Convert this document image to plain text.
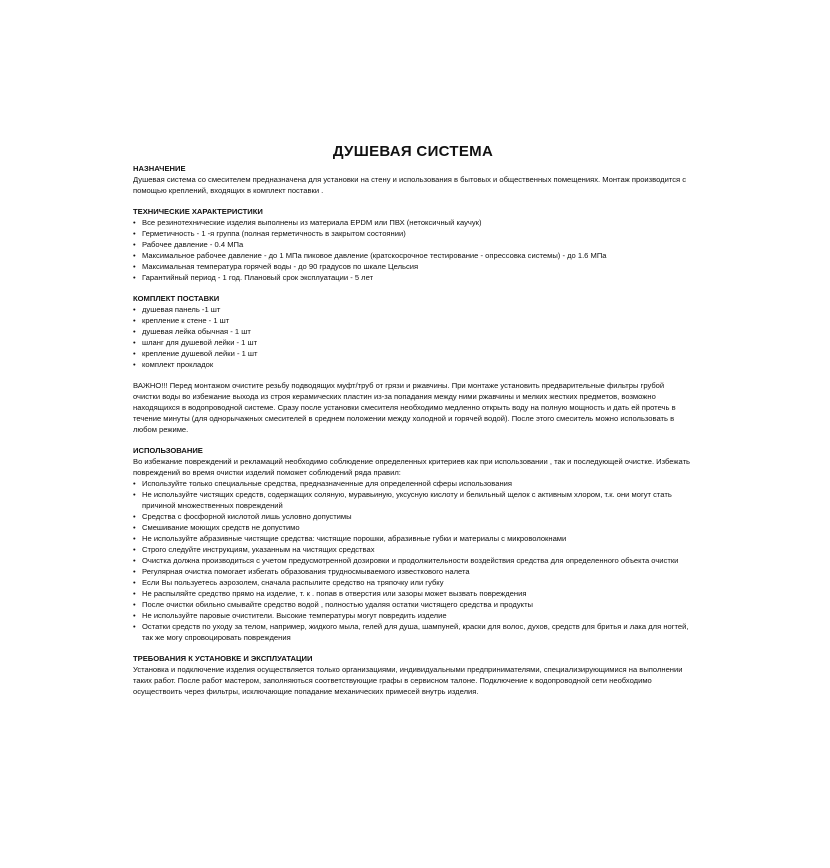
ДУШЕВАЯ СИСТЕМА

НАЗНАЧЕНИЕ

Душевая система со смесителем предназначена для установки на стену и использования в бытовых и общественных помещениях. Монтаж производится с помощью креплений, входящих в комплект поставки .

ТЕХНИЧЕСКИЕ ХАРАКТЕРИСТИКИ

• Все резинотехнические изделия выполнены из материала EPDM или ПВХ (нетоксичный каучук)
• Герметичность - 1 -я группа (полная герметичность в закрытом состоянии)
• Рабочее давление - 0.4 МПа
• Максимальное рабочее давление - до 1 МПа пиковое давление (кратскосрочное тестирование - опрессовка системы) - до 1.6 МПа
• Максимальная температура горячей воды - до 90 градусов по шкале Цельсия
• Гарантийный период - 1 год. Плановый срок эксплуатации - 5 лет

КОМПЛЕКТ ПОСТАВКИ

• душевая панель -1 шт
• крепление к стене - 1 шт
• душевая лейка обычная - 1 шт
• шланг для душевой лейки - 1 шт
• крепление душевой лейки - 1 шт
• комплект прокладок

ВАЖНО!!! Перед монтажом очистите резьбу подводящих муфт/труб от грязи и ржавчины. При монтаже установить предварительные фильтры грубой очистки воды во избежание выхода из строя керамических пластин из-за попадания между ними ржавчины и мелких жестких предметов, возможно находящихся в водопроводной системе. Сразу после установки смесителя необходимо медленно открыть воду на полную мощность и дать ей протечь в течение минуты (для однорычажных смесителей в среднем положении между холодной и горячей водой). После этого смеситель можно использовать в любом режиме.

ИСПОЛЬЗОВАНИЕ

Во избежание повреждений и рекламаций необходимо соблюдение определенных критериев как при использовании , так и последующей очистке. Избежать повреждений во время очистки изделий поможет соблюдений ряда правил:

• Используйте только специальные средства, предназначенные для определенной сферы использования
• Не используйте чистящих средств, содержащих соляную, муравьиную, уксусную кислоту и белильный щелок с активным хлором, т.к. они могут стать причиной множественных повреждений
• Средства с фосфорной кислотой лишь условно допустимы
• Смешивание моющих средств не допустимо
• Не используйте абразивные чистящие средства: чистящие порошки, абразивные губки и материалы с микроволокнами
• Строго следуйте инструкциям, указанным на чистящих средствах
• Очистка должна производиться с учетом предусмотренной дозировки и продолжительности воздействия средства для определенного объекта очистки
• Регулярная очистка помогает избегать образования трудносмываемого известкового налета
• Если Вы пользуетесь аэрозолем, сначала распылите средство на тряпочку или губку
• Не распыляйте средство прямо на изделие, т. к . попав в отверстия или зазоры может вызвать повреждения
• После очистки обильно смывайте средство водой , полностью удаляя остатки чистящего средства и продукты
• Не используйте паровые очистители. Высокие температуры могут повредить изделие
• Остатки средств по уходу за телом, например, жидкого мыла, гелей для душа, шампуней, краски для волос, духов, средств для бритья и лака для ногтей, так же могу спровоцировать повреждения

ТРЕБОВАНИЯ К УСТАНОВКЕ И ЭКСПЛУАТАЦИИ

Установка и подключение изделия осуществляется только организациями, индивидуальными предпринимателями, специализирующимися на выполнении таких работ. После работ мастером, заполняються соответствующие графы в сервисном талоне. Подключение к водопроводной сети необходимо осуществоить через фильтры, исключающие попадание механических примесей внутрь изделия.
